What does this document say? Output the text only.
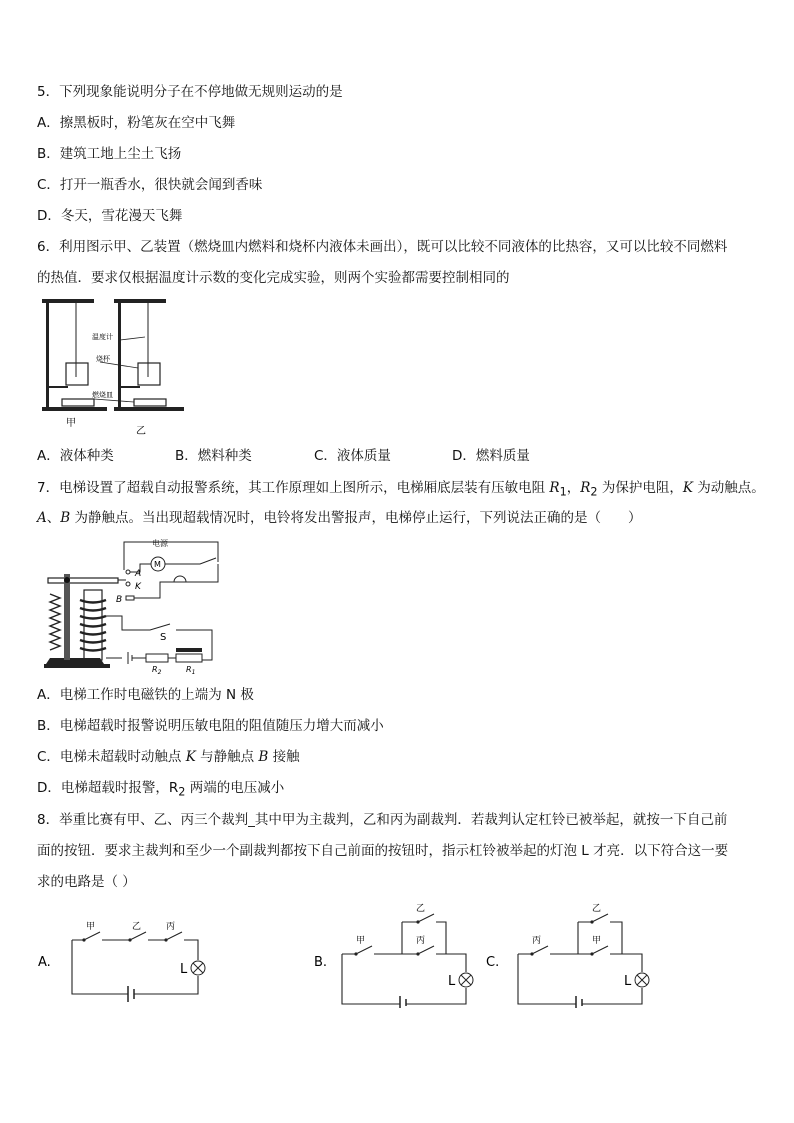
5．下列现象能说明分子在不停地做无规则运动的是
A．擦黑板时，粉笔灰在空中飞舞
B．建筑工地上尘土飞扬
C．打开一瓶香水，很快就会闻到香味
D．冬天，雪花漫天飞舞
6．利用图示甲、乙装置（燃烧皿内燃料和烧杯内液体未画出），既可以比较不同液体的比热容，又可以比较不同燃料
的热值．要求仅根据温度计示数的变化完成实验，则两个实验都需要控制相同的
温度计
烧杯
燃烧皿
甲
乙
A．液体种类	B．燃料种类	C．液体质量	D．燃料质量
7．电梯设置了超载自动报警系统，其工作原理如上图所示，电梯厢底层装有压敏电阻 $R_1$，$R_2$ 为保护电阻，K 为动触点。
A、B 为静触点。当出现超载情况时，电铃将发出警报声，电梯停止运行，下列说法正确的是（　　）
A
K
B
电源
M
S
$R_2$	$R_1$
A．电梯工作时电磁铁的上端为 N 极
B．电梯超载时报警说明压敏电阻的阻值随压力增大而减小
C．电梯未超载时动触点 K 与静触点 B 接触
D．电梯超载时报警，$R_2$ 两端的电压减小
8．举重比赛有甲、乙、丙三个裁判_其中甲为主裁判，乙和丙为副裁判．若裁判认定杠铃已被举起，就按一下自己前
面的按钮．要求主裁判和至少一个副裁判都按下自己前面的按钮时，指示杠铃被举起的灯泡 L 才亮．以下符合这一要
求的电路是（ ）
A.
甲	乙	丙
L	B.
甲
乙
丙
L
C.
丙
乙
甲
L
